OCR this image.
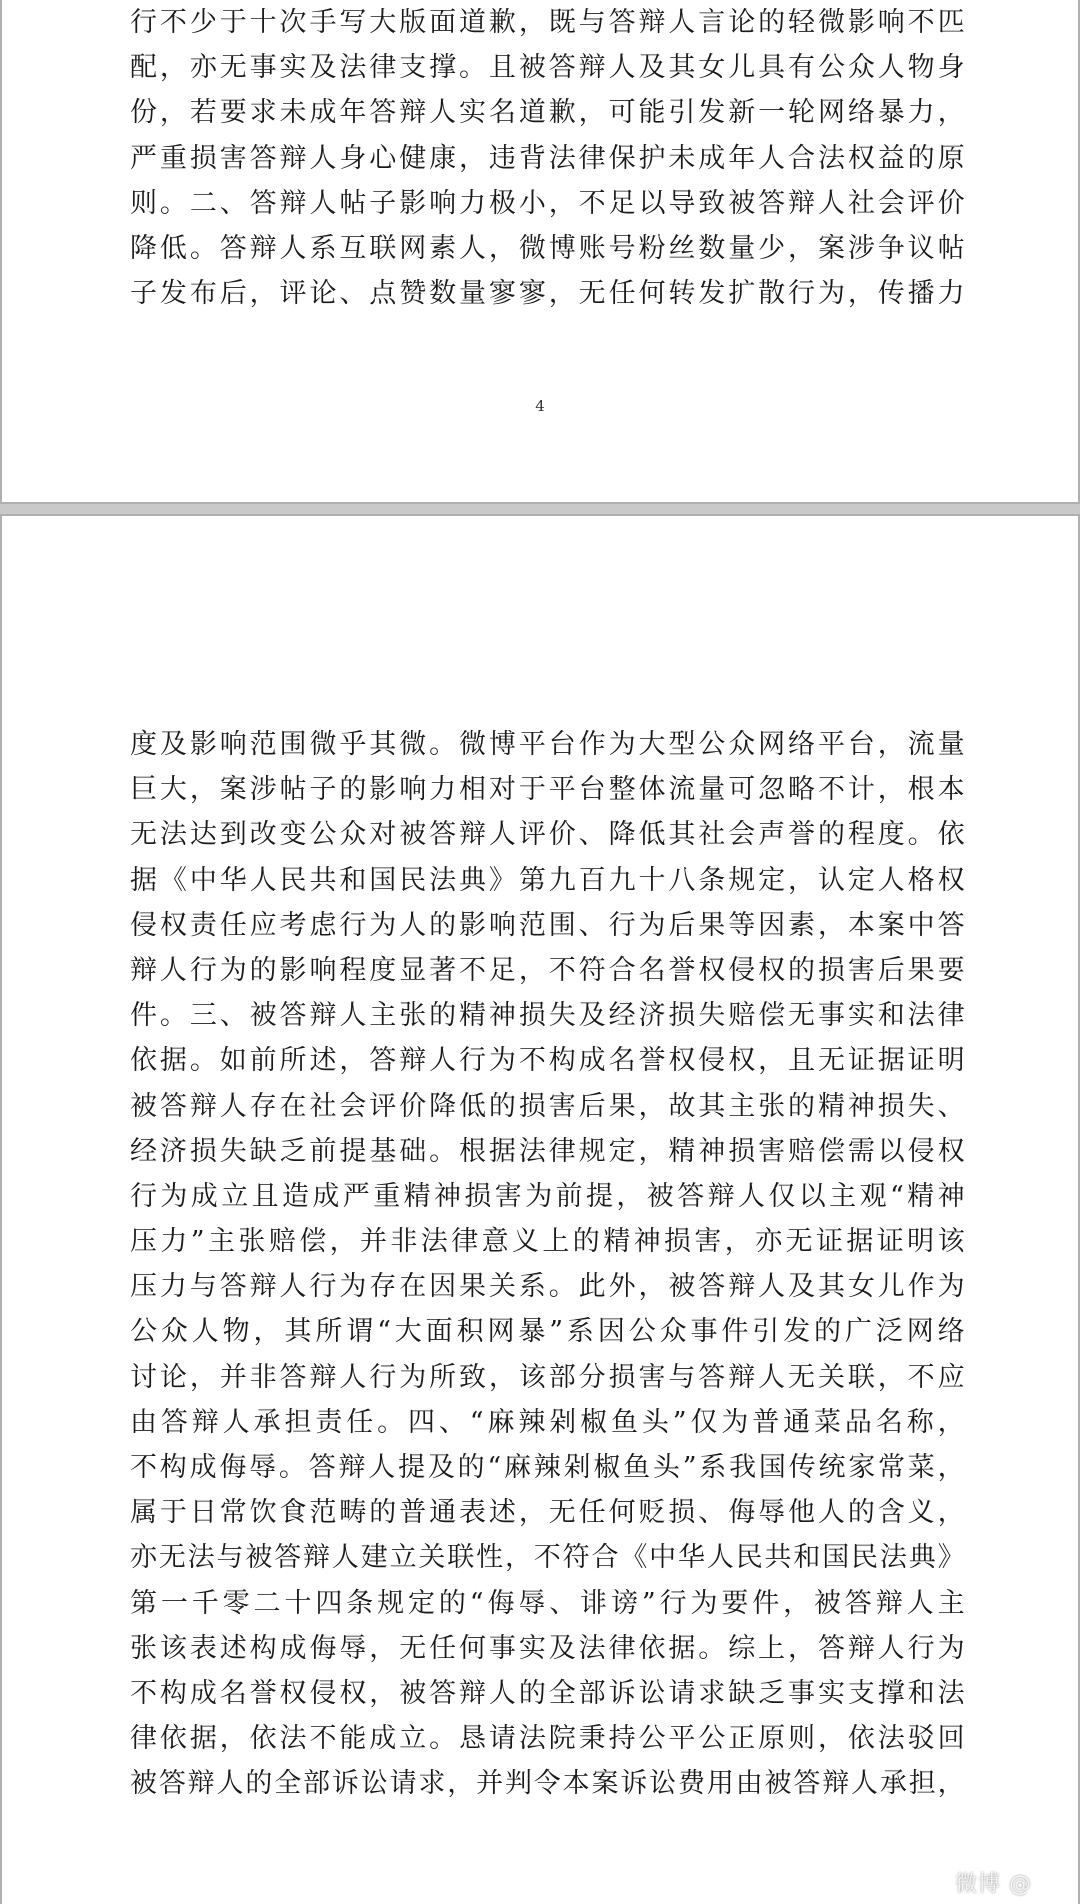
行不少于十次手写大版面道歉，既与答辩人言论的轻微影响不匹
配，亦无事实及法律支撑。且被答辩人及其女儿具有公众人物身
份，若要求未成年答辩人实名道歉，可能引发新一轮网络暴力，
严重损害答辩人身心健康，违背法律保护未成年人合法权益的原
则。二、答辩人帖子影响力极小，不足以导致被答辩人社会评价
降低。答辩人系互联网素人，微博账号粉丝数量少，案涉争议帖
子发布后，评论、点赞数量寥寥，无任何转发扩散行为，传播力
4
度及影响范围微乎其微。微博平台作为大型公众网络平台，流量
巨大，案涉帖子的影响力相对于平台整体流量可忽略不计，根本
无法达到改变公众对被答辩人评价、降低其社会声誉的程度。依
据《中华人民共和国民法典》第九百九十八条规定，认定人格权
侵权责任应考虑行为人的影响范围、行为后果等因素，本案中答
辩人行为的影响程度显著不足，不符合名誉权侵权的损害后果要
件。三、被答辩人主张的精神损失及经济损失赔偿无事实和法律
依据。如前所述，答辩人行为不构成名誉权侵权，且无证据证明
被答辩人存在社会评价降低的损害后果，故其主张的精神损失、
经济损失缺乏前提基础。根据法律规定，精神损害赔偿需以侵权
行为成立且造成严重精神损害为前提，被答辩人仅以主观“精神
压力”主张赔偿，并非法律意义上的精神损害，亦无证据证明该
压力与答辩人行为存在因果关系。此外，被答辩人及其女儿作为
公众人物，其所谓“大面积网暴”系因公众事件引发的广泛网络
讨论，并非答辩人行为所致，该部分损害与答辩人无关联，不应
由答辩人承担责任。四、“麻辣剁椒鱼头”仅为普通菜品名称，
不构成侮辱。答辩人提及的“麻辣剁椒鱼头”系我国传统家常菜，
属于日常饮食范畴的普通表述，无任何贬损、侮辱他人的含义，
亦无法与被答辩人建立关联性，不符合《中华人民共和国民法典》
第一千零二十四条规定的“侮辱、诽谤”行为要件，被答辩人主
张该表述构成侮辱，无任何事实及法律依据。综上，答辩人行为
不构成名誉权侵权，被答辩人的全部诉讼请求缺乏事实支撑和法
律依据，依法不能成立。恳请法院秉持公平公正原则，依法驳回
被答辩人的全部诉讼请求，并判令本案诉讼费用由被答辩人承担，
微博 @
